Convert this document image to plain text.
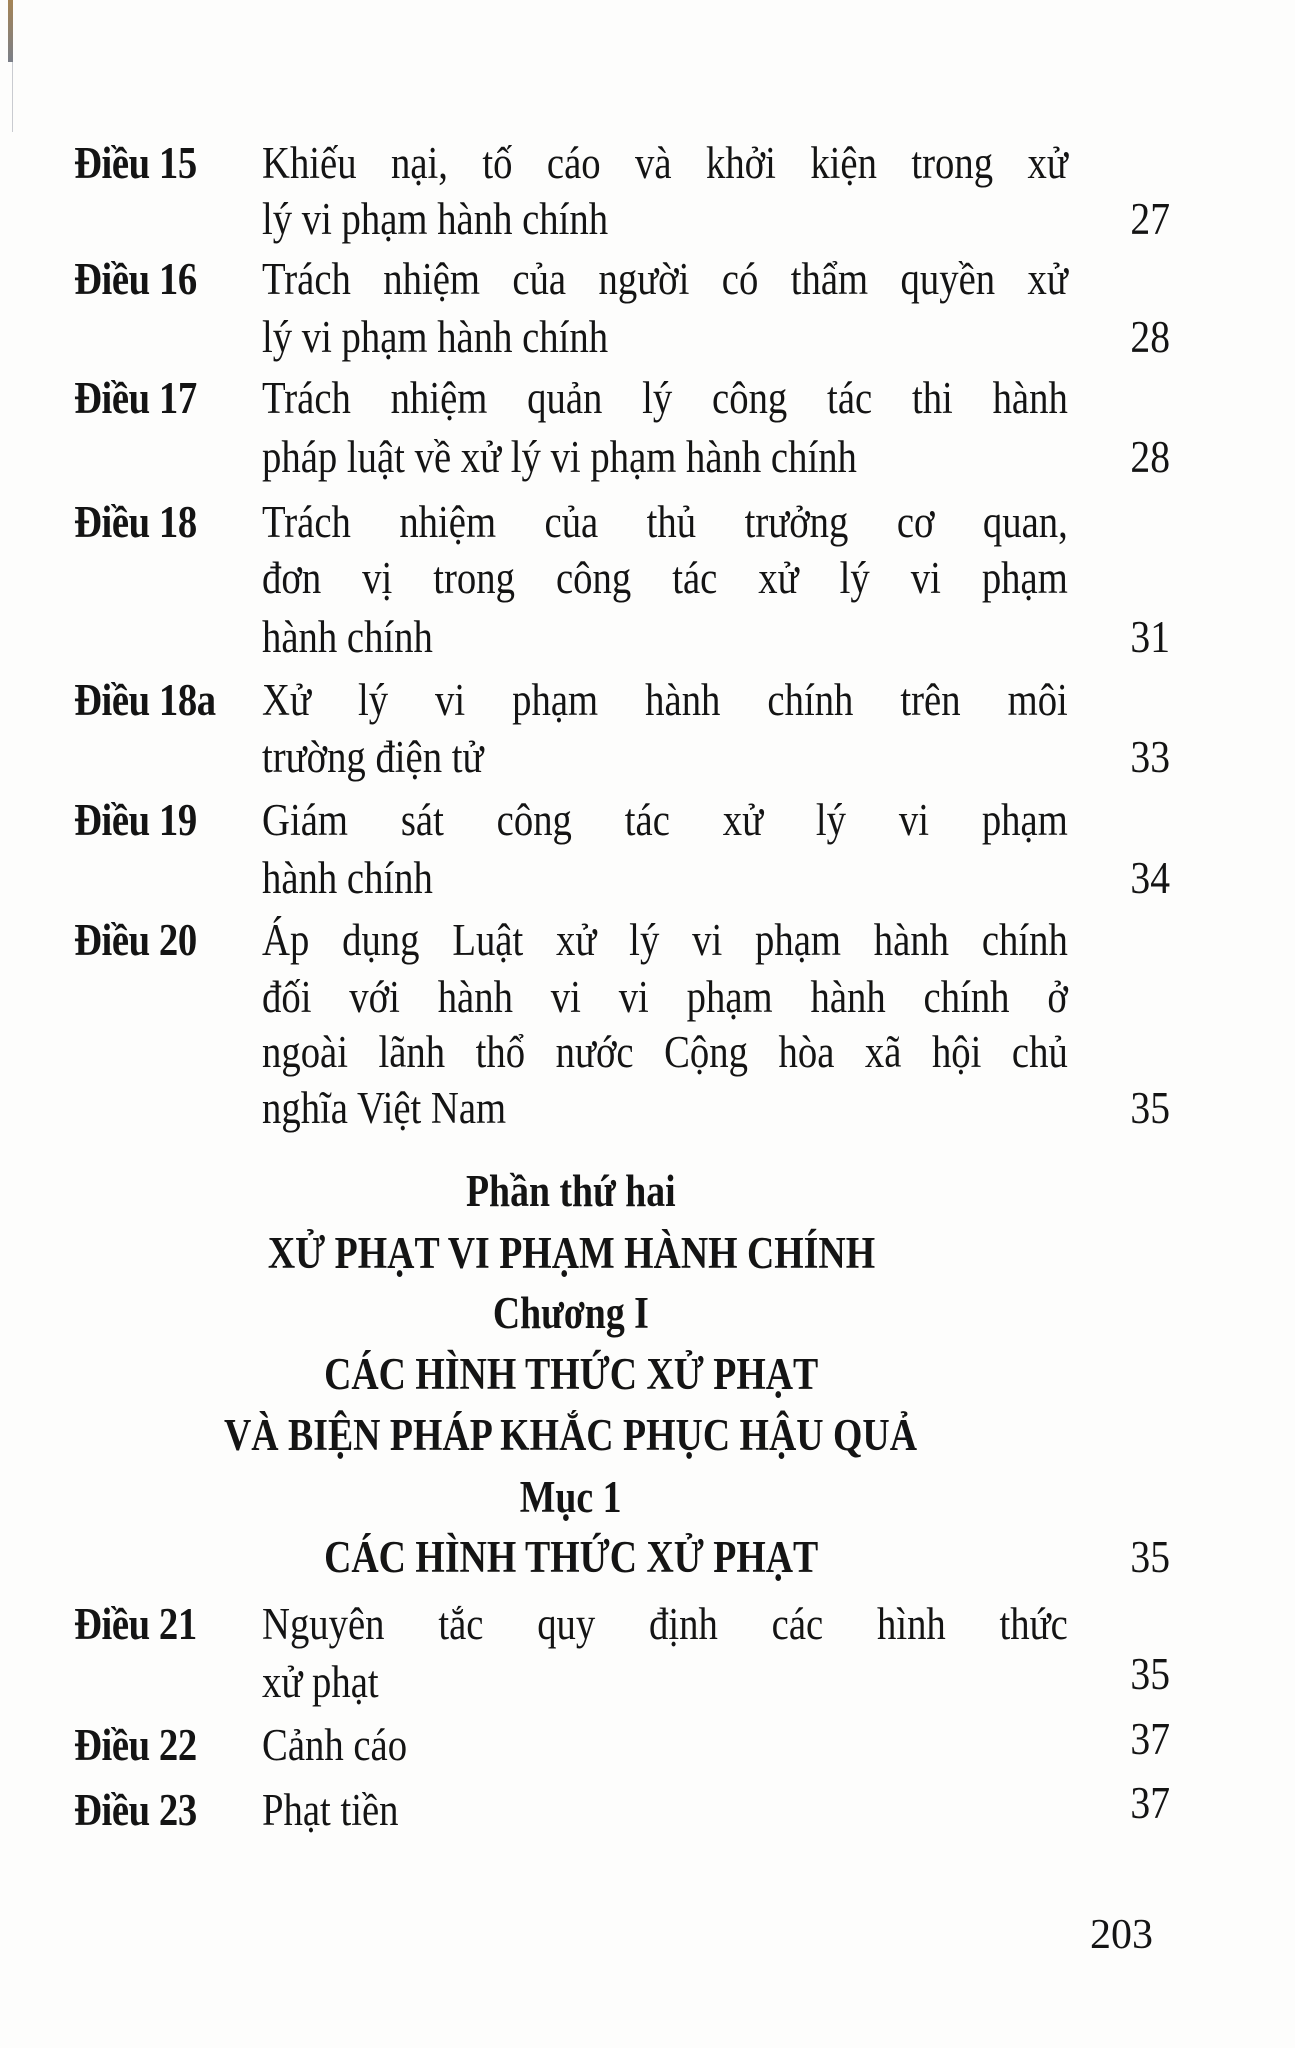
Điều 15 Khiếu nại, tố cáo và khởi kiện trong xử
lý vi phạm hành chính	27
Điều 16 Trách nhiệm của người có thẩm quyền xử
lý vi phạm hành chính	28
Điều 17 Trách nhiệm quản lý công tác thi hành
pháp luật về xử lý vi phạm hành chính	28
Điều 18 Trách nhiệm của thủ trưởng cơ quan,
đơn vị trong công tác xử lý vi phạm
hành chính	31
Điều 18a Xử lý vi phạm hành chính trên môi
trường điện tử	33
Điều 19 Giám sát công tác xử lý vi phạm
hành chính	34
Điều 20 Áp dụng Luật xử lý vi phạm hành chính
đối với hành vi vi phạm hành chính ở
ngoài lãnh thổ nước Cộng hòa xã hội chủ
nghĩa Việt Nam	35
Phần thứ hai
XỬ PHẠT VI PHẠM HÀNH CHÍNH
Chương I
CÁC HÌNH THỨC XỬ PHẠT
VÀ BIỆN PHÁP KHẮC PHỤC HẬU QUẢ
Mục 1
CÁC HÌNH THỨC XỬ PHẠT	35
Điều 21 Nguyên tắc quy định các hình thức
xử phạt	35
Điều 22 Cảnh cáo	37
Điều 23 Phạt tiền	37
203
